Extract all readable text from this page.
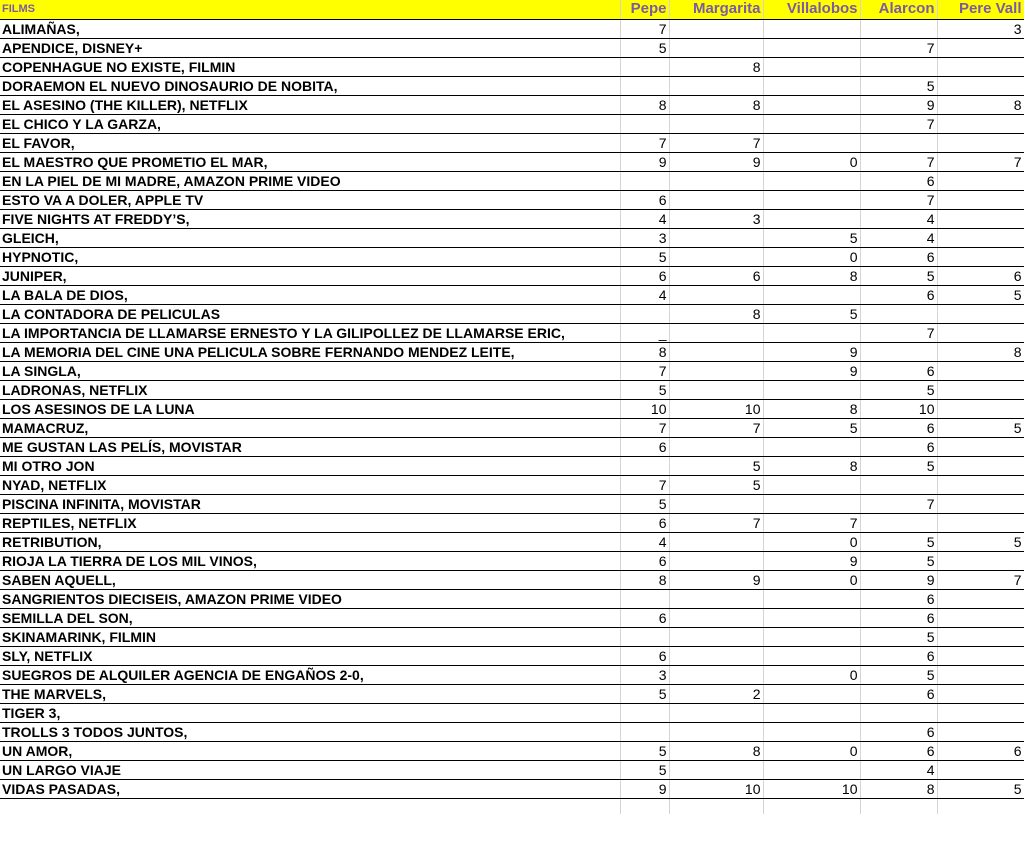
FILMS	Pepe	Margarita	Villalobos	Alarcon	Pere Vall
ALIMAÑAS,	7				3
APENDICE, DISNEY+	5			7	
COPENHAGUE NO EXISTE, FILMIN		8			
DORAEMON EL NUEVO DINOSAURIO DE NOBITA,				5	
EL ASESINO (THE KILLER), NETFLIX	8	8		9	8
EL CHICO Y LA GARZA,				7	
EL FAVOR,	7	7			
EL MAESTRO QUE PROMETIO EL MAR,	9	9	0	7	7
EN LA PIEL DE MI MADRE, AMAZON PRIME VIDEO				6	
ESTO VA A DOLER, APPLE TV	6			7	
FIVE NIGHTS AT FREDDY’S,	4	3		4	
GLEICH,	3		5	4	
HYPNOTIC,	5		0	6	
JUNIPER,	6	6	8	5	6
LA BALA DE DIOS,	4			6	5
LA CONTADORA DE PELICULAS		8	5		
LA IMPORTANCIA DE LLAMARSE ERNESTO Y LA GILIPOLLEZ DE LLAMARSE ERIC,	_			7	
LA MEMORIA DEL CINE UNA PELICULA SOBRE FERNANDO MENDEZ LEITE,	8		9		8
LA SINGLA,	7		9	6	
LADRONAS, NETFLIX	5			5	
LOS ASESINOS DE LA LUNA	10	10	8	10	
MAMACRUZ,	7	7	5	6	5
ME GUSTAN LAS PELÍS, MOVISTAR	6			6	
MI OTRO JON		5	8	5	
NYAD, NETFLIX	7	5			
PISCINA INFINITA, MOVISTAR	5			7	
REPTILES, NETFLIX	6	7	7		
RETRIBUTION,	4		0	5	5
RIOJA LA TIERRA DE LOS MIL VINOS,	6		9	5	
SABEN AQUELL,	8	9	0	9	7
SANGRIENTOS DIECISEIS, AMAZON PRIME VIDEO				6	
SEMILLA DEL SON,	6			6	
SKINAMARINK, FILMIN				5	
SLY, NETFLIX	6			6	
SUEGROS DE ALQUILER AGENCIA DE ENGAÑOS 2-0,	3		0	5	
THE MARVELS,	5	2		6	
TIGER 3,					
TROLLS 3 TODOS JUNTOS,				6	
UN AMOR,	5	8	0	6	6
UN LARGO VIAJE	5			4	
VIDAS PASADAS,	9	10	10	8	5
